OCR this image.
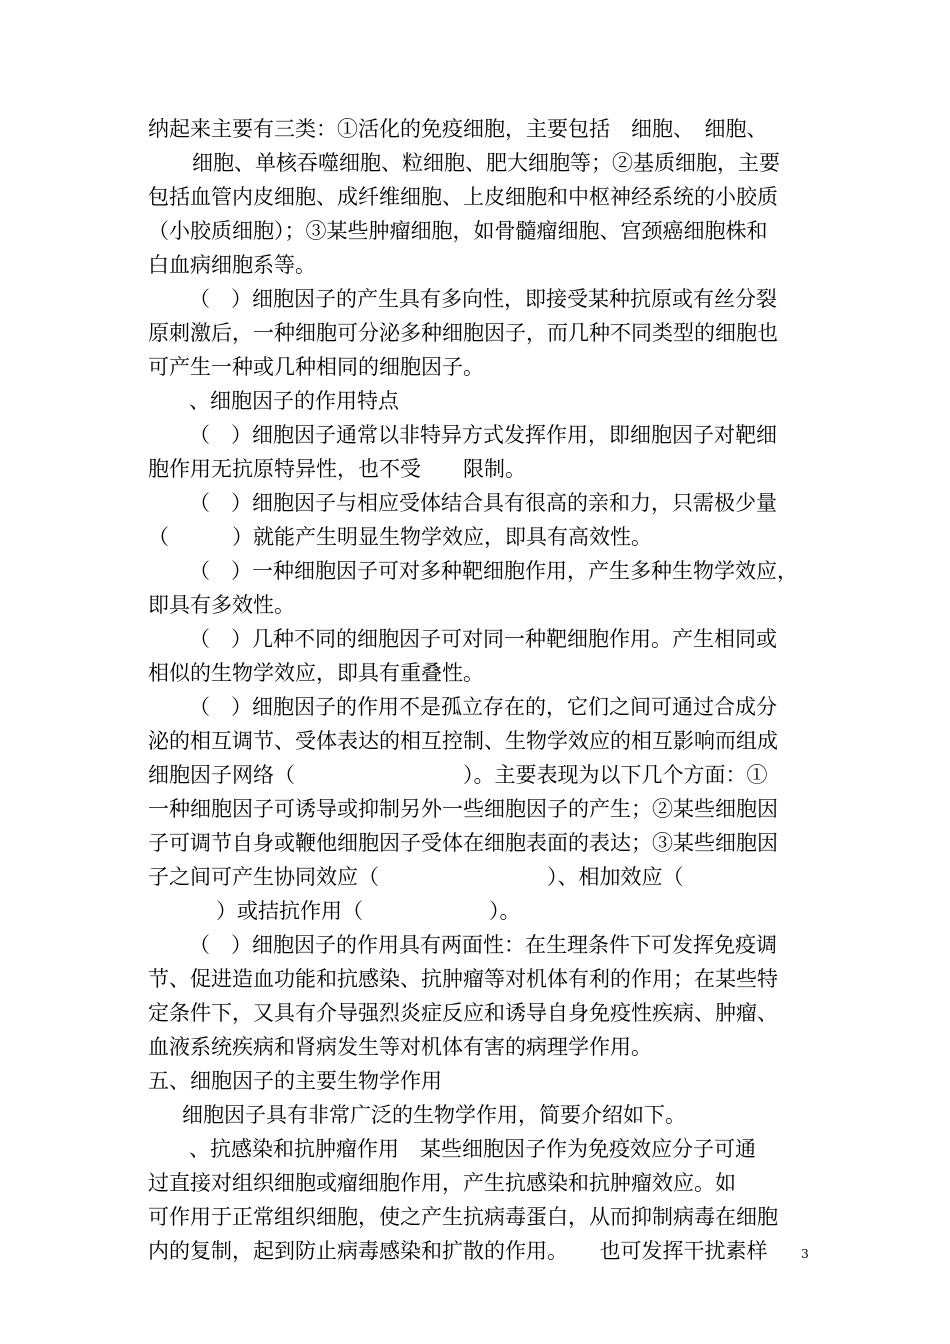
纳起来主要有三类：①活化的免疫细胞，主要包括　细胞、　细胞、
　细胞、单核吞噬细胞、粒细胞、肥大细胞等；②基质细胞，主要
包括血管内皮细胞、成纤维细胞、上皮细胞和中枢神经系统的小胶质
（小胶质细胞）；③某些肿瘤细胞，如骨髓瘤细胞、宫颈癌细胞株和
白血病细胞系等。
（　）细胞因子的产生具有多向性，即接受某种抗原或有丝分裂
原刺激后，一种细胞可分泌多种细胞因子，而几种不同类型的细胞也
可产生一种或几种相同的细胞因子。
、细胞因子的作用特点
（　）细胞因子通常以非特异方式发挥作用，即细胞因子对靶细
胞作用无抗原特异性，也不受　　限制。
（　）细胞因子与相应受体结合具有很高的亲和力，只需极少量
（　　　）就能产生明显生物学效应，即具有高效性。
（　）一种细胞因子可对多种靶细胞作用，产生多种生物学效应，
即具有多效性。
（　）几种不同的细胞因子可对同一种靶细胞作用。产生相同或
相似的生物学效应，即具有重叠性。
（　）细胞因子的作用不是孤立存在的，它们之间可通过合成分
泌的相互调节、受体表达的相互控制、生物学效应的相互影响而组成
细胞因子网络（　　　　　　　　）。主要表现为以下几个方面：①
一种细胞因子可诱导或抑制另外一些细胞因子的产生；②某些细胞因
子可调节自身或鞭他细胞因子受体在细胞表面的表达；③某些细胞因
子之间可产生协同效应（　　　　　　　　）、相加效应（
）或拮抗作用（　　　　　　）。
（　）细胞因子的作用具有两面性：在生理条件下可发挥免疫调
节、促进造血功能和抗感染、抗肿瘤等对机体有利的作用；在某些特
定条件下，又具有介导强烈炎症反应和诱导自身免疫性疾病、肿瘤、
血液系统疾病和肾病发生等对机体有害的病理学作用。
五、细胞因子的主要生物学作用
细胞因子具有非常广泛的生物学作用，简要介绍如下。
、抗感染和抗肿瘤作用　某些细胞因子作为免疫效应分子可通
过直接对组织细胞或瘤细胞作用，产生抗感染和抗肿瘤效应。如
可作用于正常组织细胞，使之产生抗病毒蛋白，从而抑制病毒在细胞
内的复制，起到防止病毒感染和扩散的作用。　　也可发挥干扰素样	3
